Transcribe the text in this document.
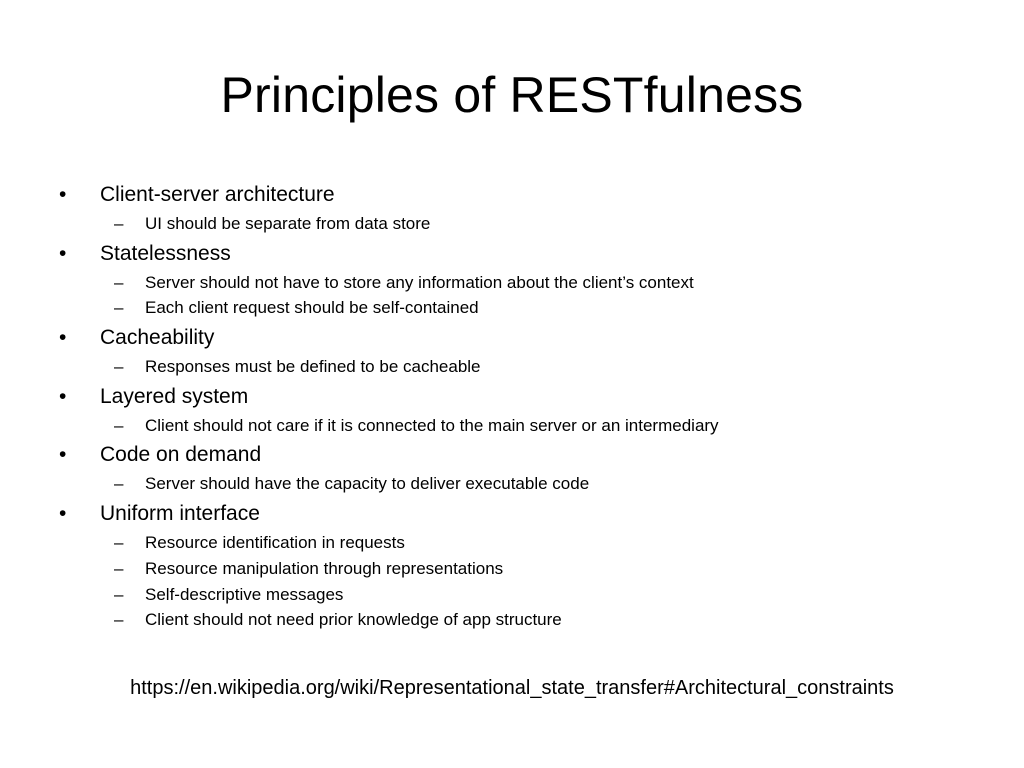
Principles of RESTfulness
• Client-server architecture
– UI should be separate from data store
• Statelessness
– Server should not have to store any information about the client’s context
– Each client request should be self-contained
• Cacheability
– Responses must be defined to be cacheable
• Layered system
– Client should not care if it is connected to the main server or an intermediary
• Code on demand
– Server should have the capacity to deliver executable code
• Uniform interface
– Resource identification in requests
– Resource manipulation through representations
– Self-descriptive messages
– Client should not need prior knowledge of app structure
https://en.wikipedia.org/wiki/Representational_state_transfer#Architectural_constraints
